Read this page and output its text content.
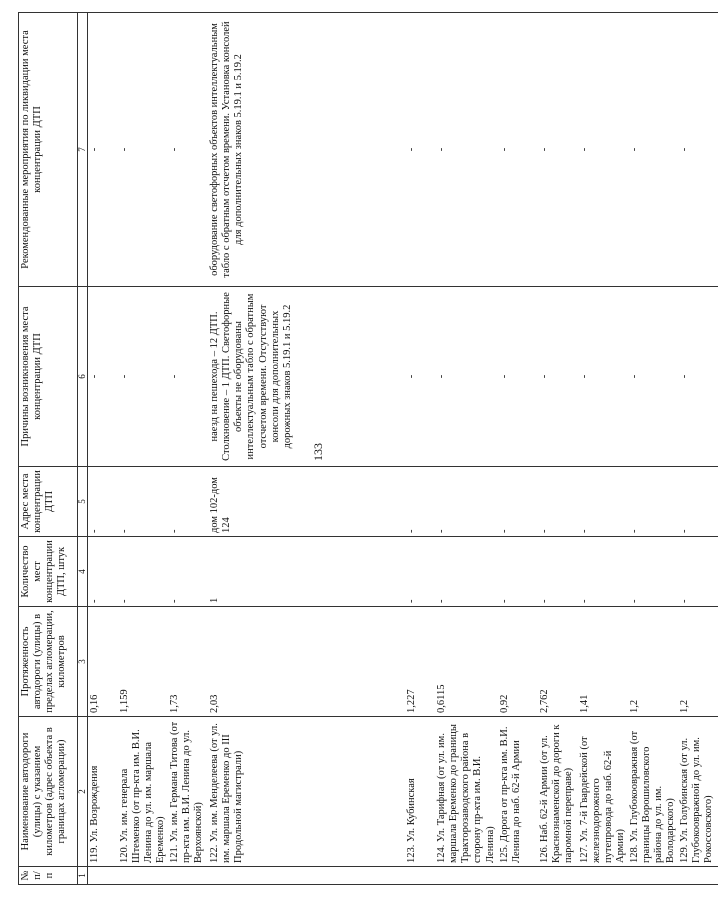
№ п/п	Наименование автодороги (улицы) с указанием километров (адрес объекта в границах агломерации)	Протяженность автодороги (улицы) в пределах агломерации, километров	Количество мест концентрации ДТП, штук	Адрес места концентрации ДТП	Причины возникновения места концентрации ДТП	Рекомендованные мероприятия по ликвидации места концентрации ДТП
1	2	3	4	5	6	7
	119. Ул. Возрождения	0,16	-	-	-	-
	120. Ул. им. генерала Штеменко (от пр-кта им. В.И. Ленина до ул. им. маршала Еременко)	1,159	-	-	-	-
	121. Ул. им. Германа Титова (от пр-кта им. В.И. Ленина до ул. Верхоянской)	1,73	-	-	-	-
	122. Ул. им. Менделеева (от ул. им. маршала Еременко до III Продольной магистрали)	2,03	1	дом 102-дом 124	наезд на пешехода – 12 ДТП. Столкновение – 1 ДТП. Светофорные объекты не оборудованы интеллектуальным табло с обратным отсчетом времени. Отсутствуют консоли для дополнительных дорожных знаков 5.19.1 и 5.19.2	оборудование светофорных объектов интеллектуальным табло с обратным отсчетом времени. Установка консолей для дополнительных знаков 5.19.1 и 5.19.2
	123. Ул. Кубинская	1,227	-	-	-	-
	124. Ул. Тарифная (от ул. им. маршала Еременко до границы Тракторозаводского района в сторону пр-кта им. В.И. Ленина)	0,6115	-	-	-	-
	125. Дорога от пр-кта им. В.И. Ленина до наб. 62-й Армии	0,92	-	-	-	-
	126. Наб. 62-й Армии (от ул. Краснознаменской до дороги к паромной переправе)	2,762	-	-	-	-
	127. Ул. 7-й Гвардейской (от железнодорожного путепровода до наб. 62-й Армии)	1,41	-	-	-	-
	128. Ул. Глубокоовражная (от границы Ворошиловского района до ул. им. Володарского)	1,2	-	-	-	-
	129. Ул. Голубинская (от ул. Глубокоовражной до ул. им. Рокоссовского)	1,2	-	-	-	-
133
